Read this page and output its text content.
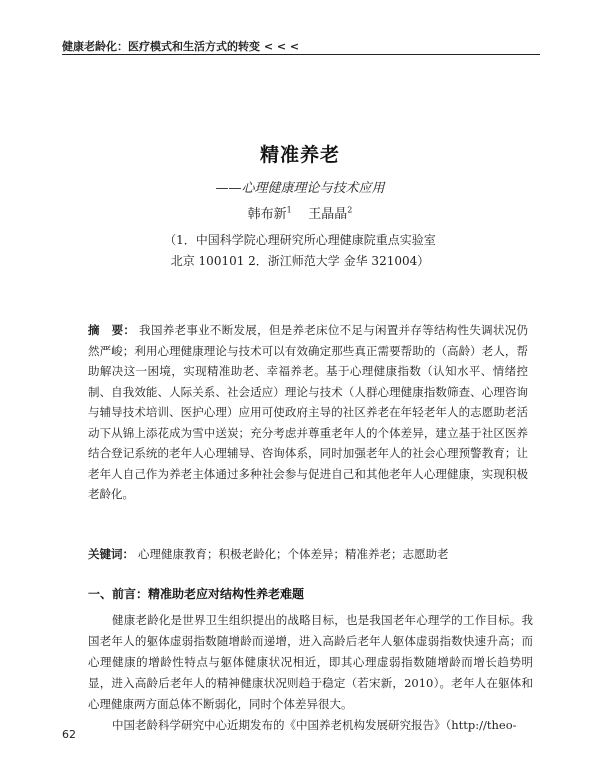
健康老龄化：医疗模式和生活方式的转变 < < <
精准养老
——心理健康理论与技术应用
韩布新$^1$ 王晶晶$^2$
（1．中国科学院心理研究所心理健康院重点实验室
北京 100101 2．浙江师范大学 金华 321004）
摘　要： 我国养老事业不断发展，但是养老床位不足与闲置并存等结构性失调状况仍然严峻；利用心理健康理论与技术可以有效确定那些真正需要帮助的（高龄）老人，帮助解决这一困境，实现精准助老、幸福养老。基于心理健康指数（认知水平、情绪控制、自我效能、人际关系、社会适应）理论与技术（人群心理健康指数筛查、心理咨询与辅导技术培训、医护心理）应用可使政府主导的社区养老在年轻老年人的志愿助老活动下从锦上添花成为雪中送炭；充分考虑并尊重老年人的个体差异，建立基于社区医养结合登记系统的老年人心理辅导、咨询体系，同时加强老年人的社会心理预警教育；让老年人自己作为养老主体通过多种社会参与促进自己和其他老年人心理健康，实现积极老龄化。
关键词： 心理健康教育；积极老龄化；个体差异；精准养老；志愿助老
一、前言：精准助老应对结构性养老难题

健康老龄化是世界卫生组织提出的战略目标，也是我国老年心理学的工作目标。我国老年人的躯体虚弱指数随增龄而递增，进入高龄后老年人躯体虚弱指数快速升高；而心理健康的增龄性特点与躯体健康状况相近，即其心理虚弱指数随增龄而增长趋势明显，进入高龄后老年人的精神健康状况则趋于稳定（若宋新，2010）。老年人在躯体和心理健康两方面总体不断弱化，同时个体差异很大。

中国老龄科学研究中心近期发布的《中国养老机构发展研究报告》（http://theo-

62
